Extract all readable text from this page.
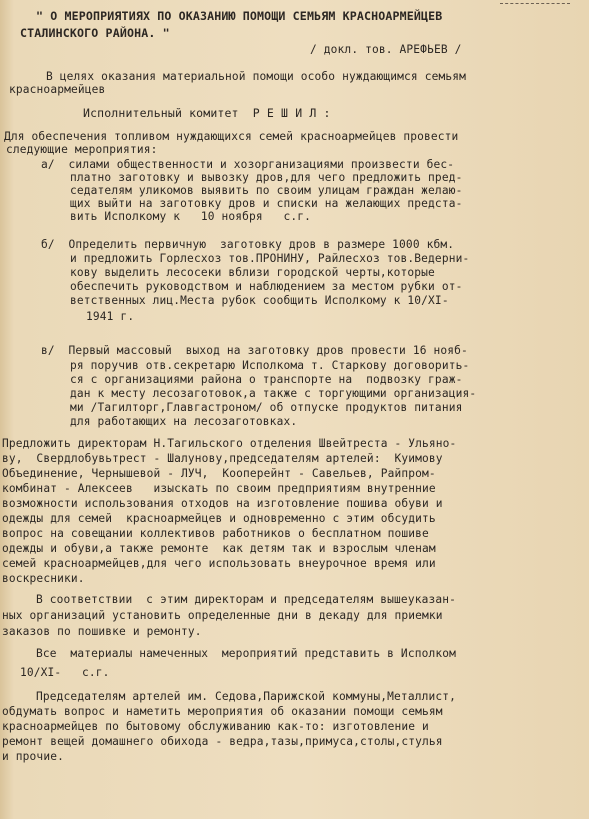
" О МЕРОПРИЯТИЯХ ПО ОКАЗАНИЮ ПОМОЩИ СЕМЬЯМ КРАСНОАРМЕЙЦЕВ
СТАЛИНСКОГО РАЙОНА. "
/ докл. тов. АРЕФЬЕВ /
В целях оказания материальной помощи особо нуждающимся семьям
красноармейцев
Исполнительный комитет  Р Е Ш И Л :
Для обеспечения топливом нуждающихся семей красноармейцев провести
следующие мероприятия:
а/  силами общественности и хозорганизациями произвести бес-
платно заготовку и вывозку дров,для чего предложить пред-
седателям уликомов выявить по своим улицам граждан желаю-
щих выйти на заготовку дров и списки на желающих предста-
вить Исполкому к   10 ноября   с.г.
б/  Определить первичную  заготовку дров в размере 1000 кбм.
и предложить Горлесхоз тов.ПРОНИНУ, Райлесхоз тов.Ведерни-
кову выделить лесосеки вблизи городской черты,которые
обеспечить руководством и наблюдением за местом рубки от-
ветственных лиц.Места рубок сообщить Исполкому к 10/XI-
1941 г.
в/  Первый массовый  выход на заготовку дров провести 16 нояб-
ря поручив отв.секретарю Исполкома т. Старкову договорить-
ся с организациями района о транспорте на  подвозку граж-
дан к месту лесозаготовок,а также с торгующими организация-
ми /Тагилторг,Главгастроном/ об отпуске продуктов питания
для работающих на лесозаготовках.
Предложить директорам Н.Тагильского отделения Швейтреста - Ульяно-
ву,  Свердлобувьтрест - Шалунову,председателям артелей:  Куимову
Объединение, Чернышевой - ЛУЧ,  Кооперейнт - Савельев, Райпром-
комбинат - Алексеев   изыскать по своим предприятиям внутренние
возможности использования отходов на изготовление пошива обуви и
одежды для семей  красноармейцев и одновременно с этим обсудить
вопрос на совещании коллективов работников о бесплатном пошиве
одежды и обуви,а также ремонте  как детям так и взрослым членам
семей красноармейцев,для чего использовать внеурочное время или
воскресники.
В соответствии  с этим директорам и председателям вышеуказан-
ных организаций установить определенные дни в декаду для приемки
заказов по пошивке и ремонту.
Все  материалы намеченных  мероприятий представить в Исполком
10/XI-   с.г.
Председателям артелей им. Седова,Парижской коммуны,Металлист,
обдумать вопрос и наметить мероприятия об оказании помощи семьям
красноармейцев по бытовому обслуживанию как-то: изготовление и
ремонт вещей домашнего обихода - ведра,тазы,примуса,столы,стулья
и прочие.
